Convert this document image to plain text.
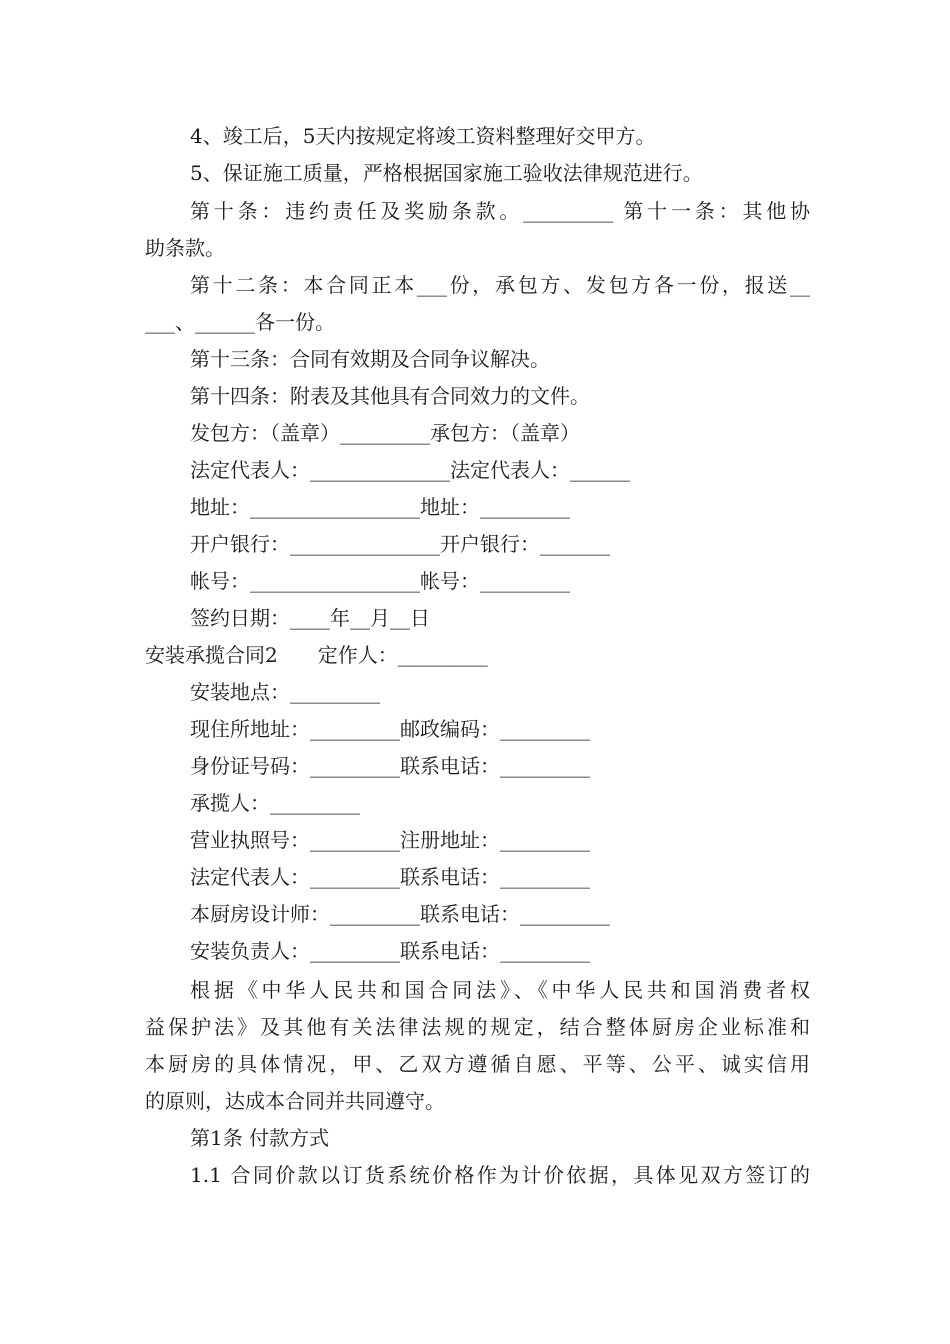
4、竣工后，5天内按规定将竣工资料整理好交甲方。
5、保证施工质量，严格根据国家施工验收法律规范进行。
第十条：违约责任及奖励条款。_________ 第十一条：其他协
助条款。
第十二条：本合同正本___份，承包方、发包方各一份，报送__
___、______各一份。
第十三条：合同有效期及合同争议解决。
第十四条：附表及其他具有合同效力的文件。
发包方：（盖章）_________承包方：（盖章）
法定代表人：______________法定代表人：______
地址：_________________地址：_________
开户银行：_______________开户银行：_______
帐号：_________________帐号：_________
签约日期：____年__月__日
安装承揽合同2　　定作人：_________
安装地点：_________
现住所地址：_________邮政编码：_________
身份证号码：_________联系电话：_________
承揽人：_________
营业执照号：_________注册地址：_________
法定代表人：_________联系电话：_________
本厨房设计师：_________联系电话：_________
安装负责人：_________联系电话：_________
根据《中华人民共和国合同法》、《中华人民共和国消费者权
益保护法》及其他有关法律法规的规定，结合整体厨房企业标准和
本厨房的具体情况，甲、乙双方遵循自愿、平等、公平、诚实信用
的原则，达成本合同并共同遵守。
第1条 付款方式
1.1 合同价款以订货系统价格作为计价依据，具体见双方签订的
